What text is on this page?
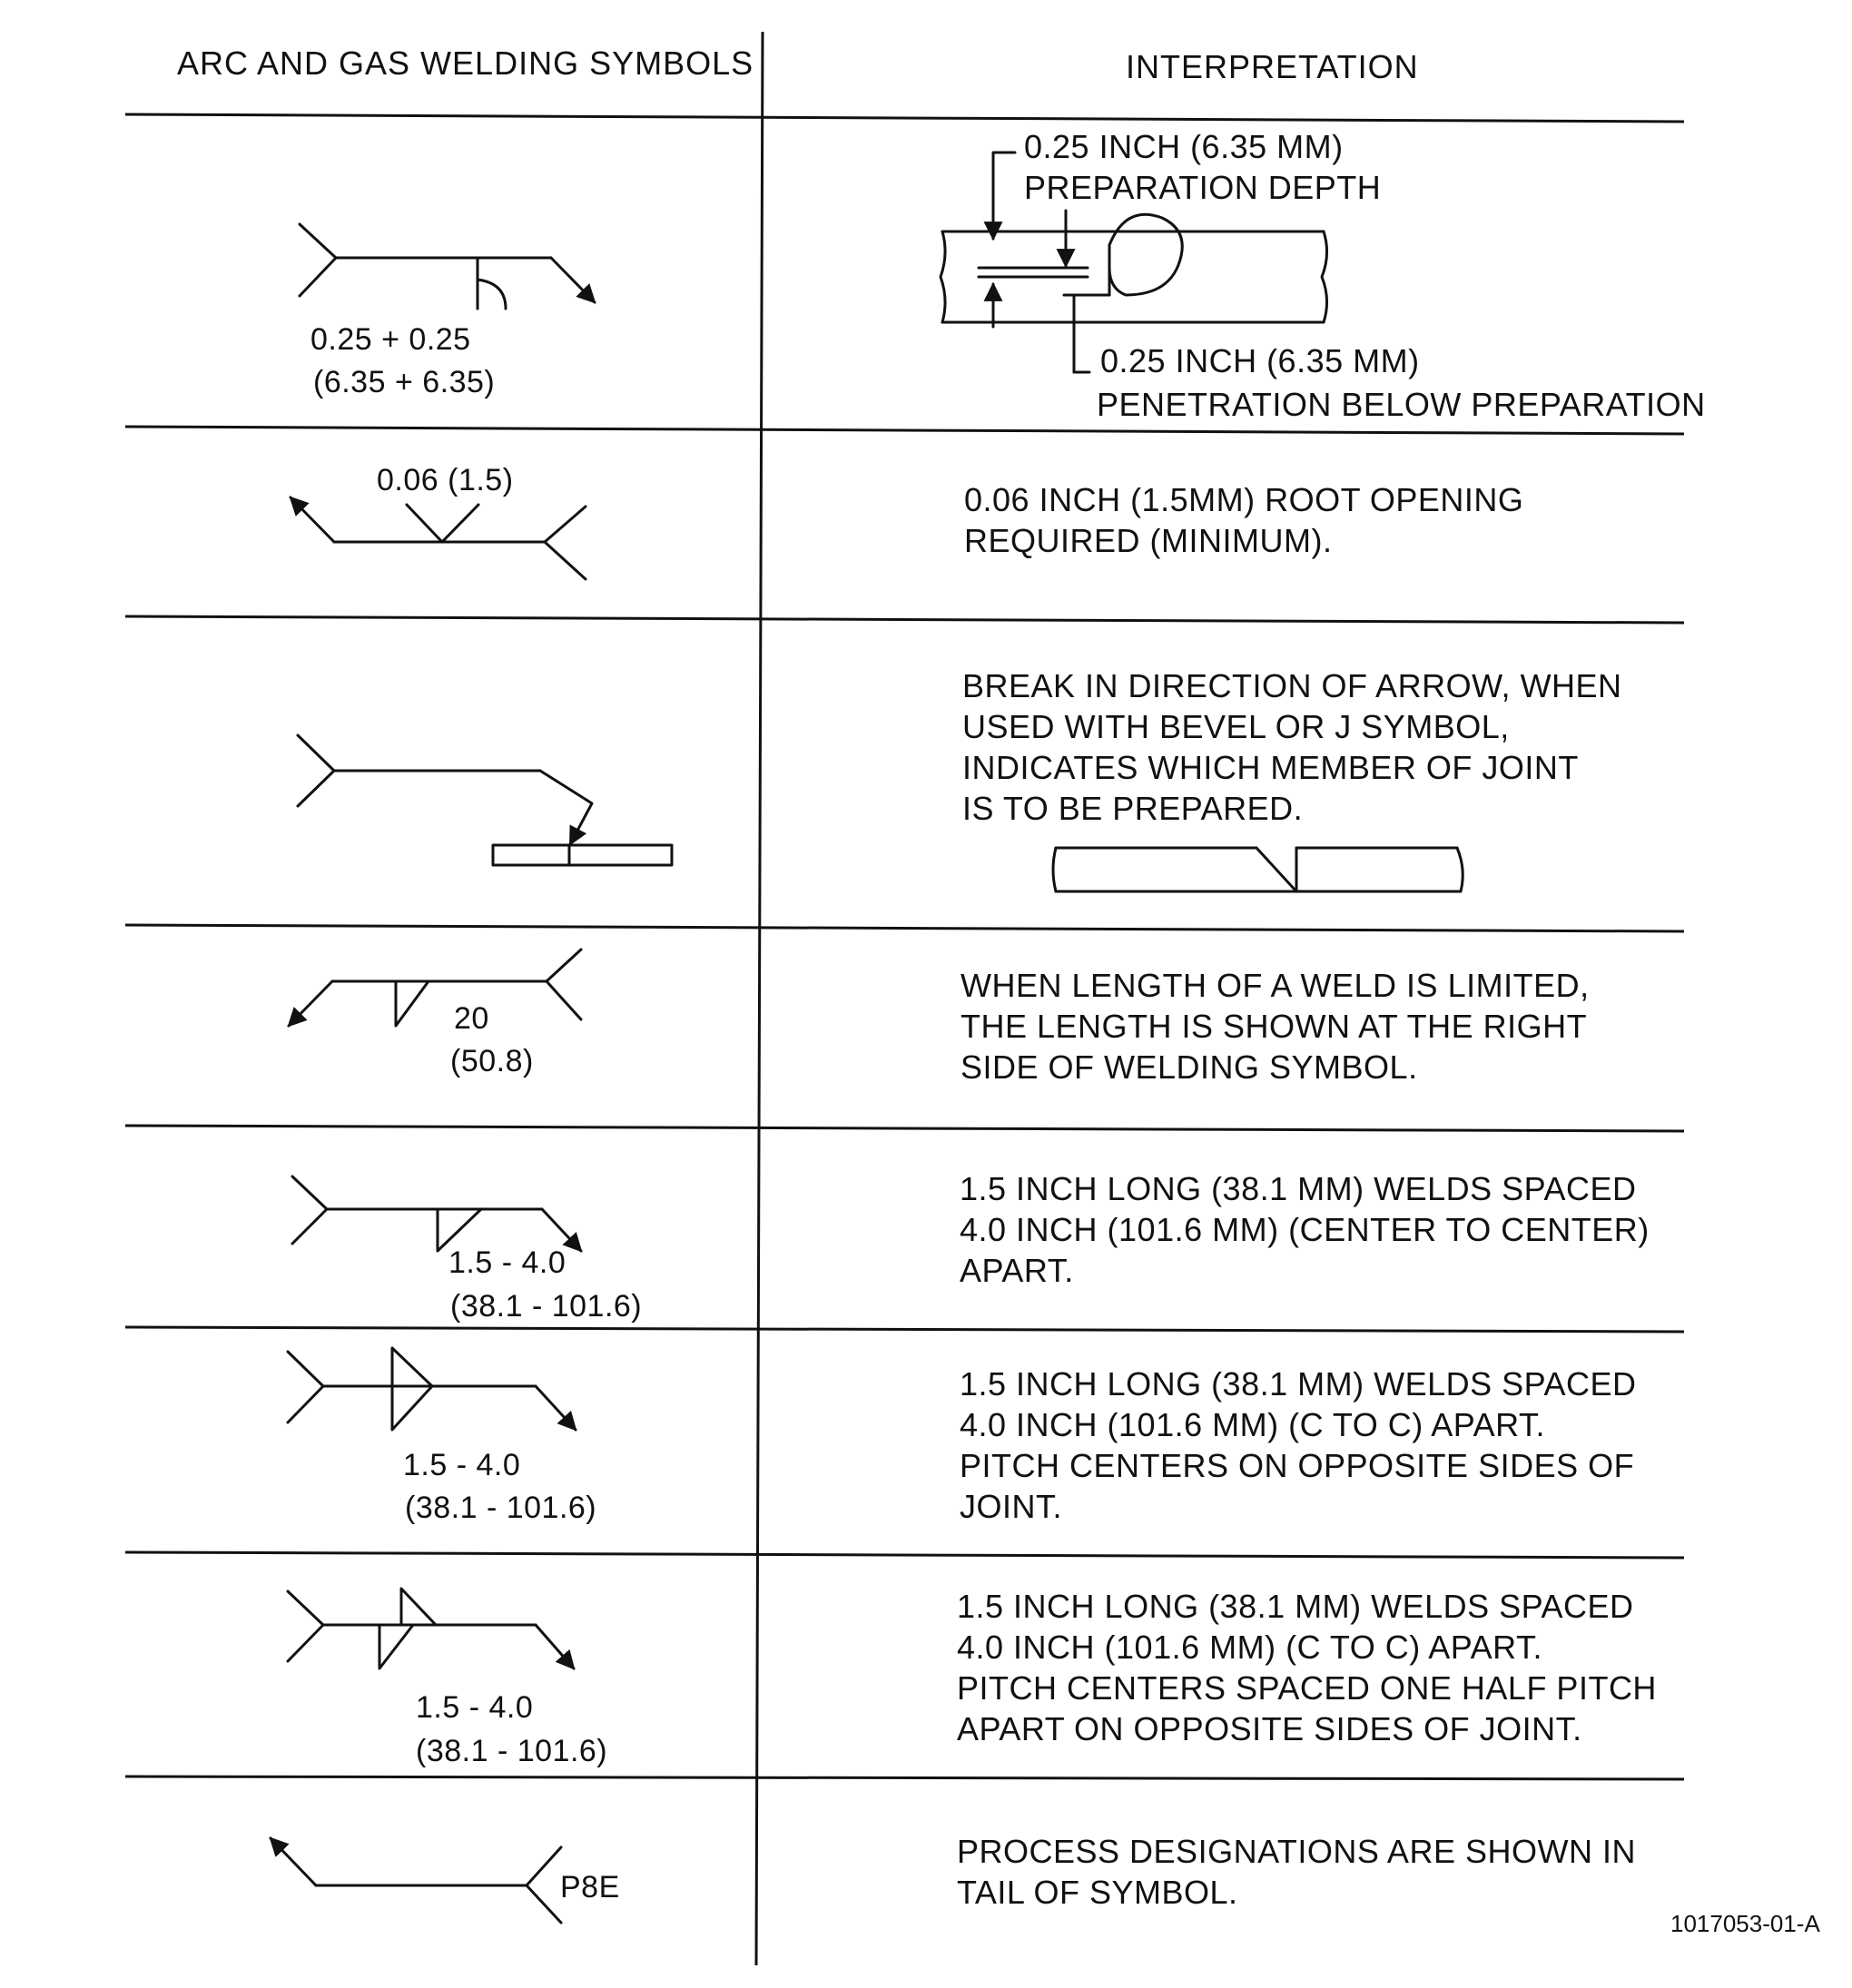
ARC AND GAS WELDING SYMBOLS	INTERPRETATION
0.25 + 0.25
(6.35 + 6.35)
0.25 INCH (6.35 MM)
PREPARATION DEPTH
0.25 INCH (6.35 MM)
PENETRATION BELOW PREPARATION
0.06 (1.5)
0.06 INCH (1.5MM) ROOT OPENING
REQUIRED (MINIMUM).
BREAK IN DIRECTION OF ARROW, WHEN
USED WITH BEVEL OR J SYMBOL,
INDICATES WHICH MEMBER OF JOINT
IS TO BE PREPARED.
20
(50.8)
WHEN LENGTH OF A WELD IS LIMITED,
THE LENGTH IS SHOWN AT THE RIGHT
SIDE OF WELDING SYMBOL.
1.5 - 4.0
(38.1 - 101.6)
1.5 INCH LONG (38.1 MM) WELDS SPACED
4.0 INCH (101.6 MM) (CENTER TO CENTER)
APART.
1.5 - 4.0
(38.1 - 101.6)
1.5 INCH LONG (38.1 MM) WELDS SPACED
4.0 INCH (101.6 MM) (C TO C) APART.
PITCH CENTERS ON OPPOSITE SIDES OF
JOINT.
1.5 - 4.0
(38.1 - 101.6)
1.5 INCH LONG (38.1 MM) WELDS SPACED
4.0 INCH (101.6 MM) (C TO C) APART.
PITCH CENTERS SPACED ONE HALF PITCH
APART ON OPPOSITE SIDES OF JOINT.
P8E
PROCESS DESIGNATIONS ARE SHOWN IN
TAIL OF SYMBOL.
1017053-01-A
